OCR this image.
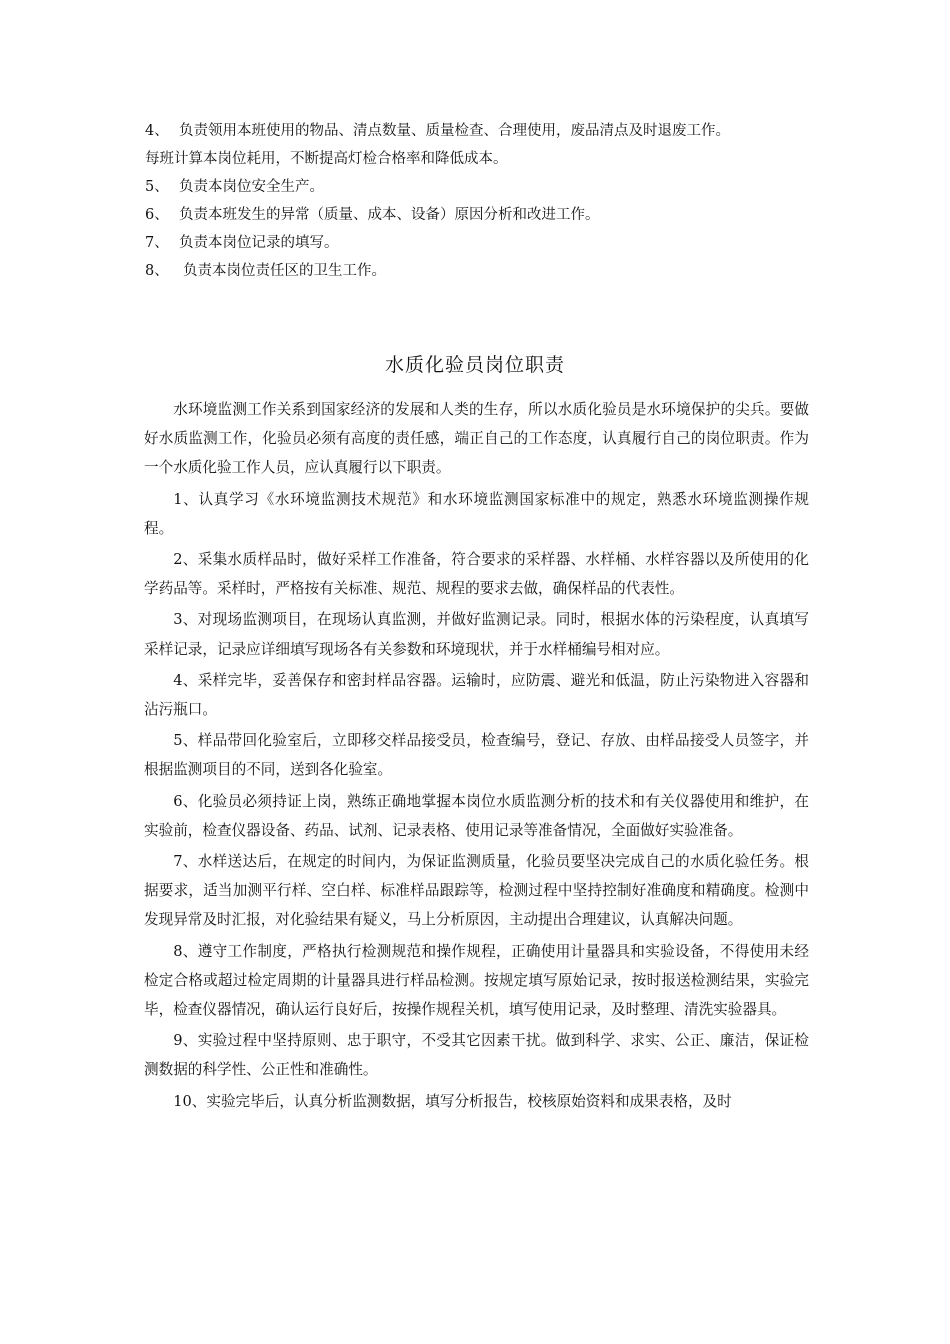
4、 负责领用本班使用的物品、清点数量、质量检查、合理使用，废品清点及时退废工作。
每班计算本岗位耗用，不断提高灯检合格率和降低成本。
5、 负责本岗位安全生产。
6、 负责本班发生的异常（质量、成本、设备）原因分析和改进工作。
7、 负责本岗位记录的填写。
8、 负责本岗位责任区的卫生工作。
水质化验员岗位职责

水环境监测工作关系到国家经济的发展和人类的生存，所以水质化验员是水环境保护的尖兵。要做好水质监测工作，化验员必须有高度的责任感，端正自己的工作态度，认真履行自己的岗位职责。作为一个水质化验工作人员，应认真履行以下职责。

1、认真学习《水环境监测技术规范》和水环境监测国家标准中的规定，熟悉水环境监测操作规程。

2、采集水质样品时，做好采样工作准备，符合要求的采样器、水样桶、水样容器以及所使用的化学药品等。采样时，严格按有关标准、规范、规程的要求去做，确保样品的代表性。

3、对现场监测项目，在现场认真监测，并做好监测记录。同时，根据水体的污染程度，认真填写采样记录，记录应详细填写现场各有关参数和环境现状，并于水样桶编号相对应。

4、采样完毕，妥善保存和密封样品容器。运输时，应防震、避光和低温，防止污染物进入容器和沾污瓶口。

5、样品带回化验室后，立即移交样品接受员，检查编号，登记、存放、由样品接受人员签字，并根据监测项目的不同，送到各化验室。

6、化验员必须持证上岗，熟练正确地掌握本岗位水质监测分析的技术和有关仪器使用和维护，在实验前，检查仪器设备、药品、试剂、记录表格、使用记录等准备情况，全面做好实验准备。

7、水样送达后，在规定的时间内，为保证监测质量，化验员要坚决完成自己的水质化验任务。根据要求，适当加测平行样、空白样、标准样品跟踪等，检测过程中坚持控制好准确度和精确度。检测中发现异常及时汇报，对化验结果有疑义，马上分析原因，主动提出合理建议，认真解决问题。

8、遵守工作制度，严格执行检测规范和操作规程，正确使用计量器具和实验设备，不得使用未经检定合格或超过检定周期的计量器具进行样品检测。按规定填写原始记录，按时报送检测结果，实验完毕，检查仪器情况，确认运行良好后，按操作规程关机，填写使用记录，及时整理、清洗实验器具。

9、实验过程中坚持原则、忠于职守，不受其它因素干扰。做到科学、求实、公正、廉洁，保证检测数据的科学性、公正性和准确性。

10、实验完毕后，认真分析监测数据，填写分析报告，校核原始资料和成果表格，及时
